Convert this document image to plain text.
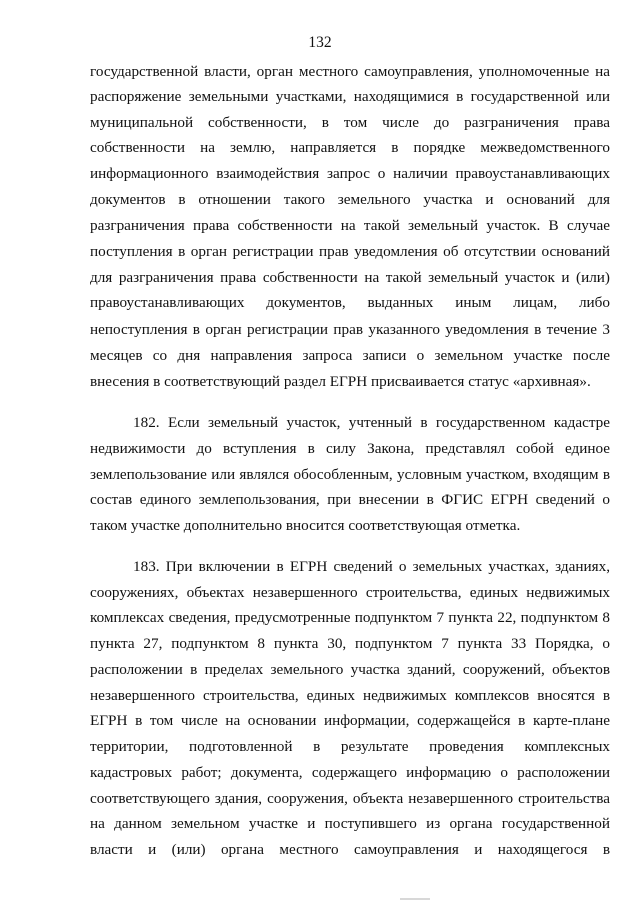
132
государственной власти, орган местного самоуправления, уполномоченные на
распоряжение земельными участками, находящимися в государственной или
муниципальной собственности, в том числе до разграничения права
собственности на землю, направляется в порядке межведомственного
информационного взаимодействия запрос о наличии правоустанавливающих
документов в отношении такого земельного участка и оснований для
разграничения права собственности на такой земельный участок. В случае
поступления в орган регистрации прав уведомления об отсутствии оснований
для разграничения права собственности на такой земельный участок и (или)
правоустанавливающих документов, выданных иным лицам, либо
непоступления в орган регистрации прав указанного уведомления в течение 3
месяцев со дня направления запроса записи о земельном участке после
внесения в соответствующий раздел ЕГРН присваивается статус «архивная».
182. Если земельный участок, учтенный в государственном кадастре
недвижимости до вступления в силу Закона, представлял собой единое
землепользование или являлся обособленным, условным участком, входящим в
состав единого землепользования, при внесении в ФГИС ЕГРН сведений о
таком участке дополнительно вносится соответствующая отметка.
183. При включении в ЕГРН сведений о земельных участках, зданиях,
сооружениях, объектах незавершенного строительства, единых недвижимых
комплексах сведения, предусмотренные подпунктом 7 пункта 22, подпунктом 8
пункта 27, подпунктом 8 пункта 30, подпунктом 7 пункта 33 Порядка, о
расположении в пределах земельного участка зданий, сооружений, объектов
незавершенного строительства, единых недвижимых комплексов вносятся в
ЕГРН в том числе на основании информации, содержащейся в карте-плане
территории, подготовленной в результате проведения комплексных
кадастровых работ; документа, содержащего информацию о расположении
соответствующего здания, сооружения, объекта незавершенного строительства
на данном земельном участке и поступившего из органа государственной
власти и (или) органа местного самоуправления и находящегося в
